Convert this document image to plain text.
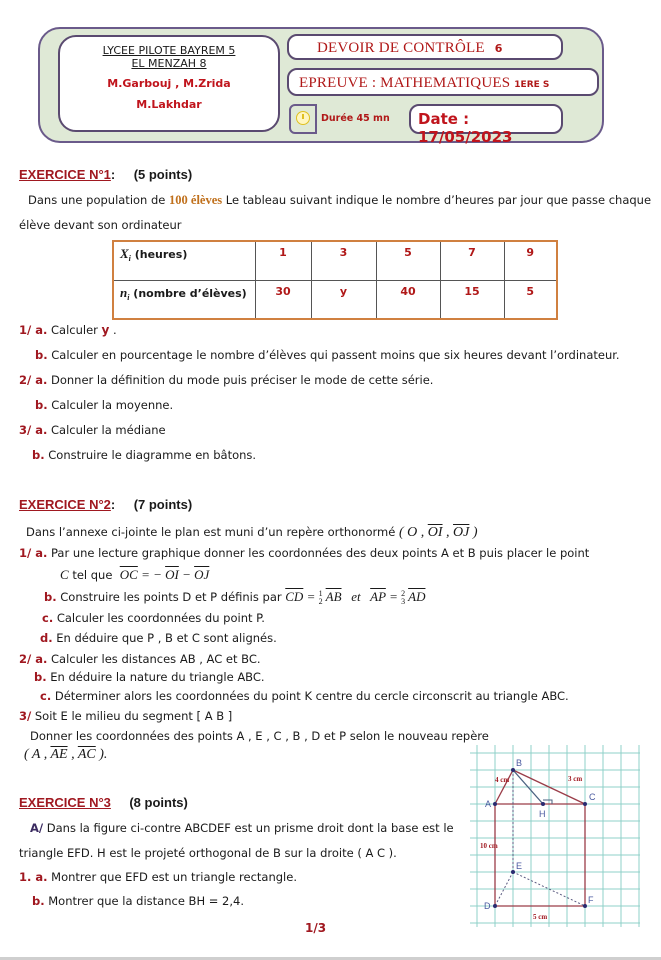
LYCEE PILOTE BAYREM 5
EL MENZAH 8
M.Garbouj , M.Zrida
M.Lakhdar
DEVOIR DE CONTRÔLE 6
EPREUVE : MATHEMATIQUES 1ERE S
Durée 45 mn	Date : 17/05/2023
EXERCICE N°1: (5 points)
Dans une population de 100 élèves Le tableau suivant indique le nombre d’heures par jour que passe chaque
élève devant son ordinateur
$X_i$ (heures)	1	3	5	7	9
$n_i$ (nombre d’élèves)	30	y	40	15	5
1/ a. Calculer y .
b. Calculer en pourcentage le nombre d’élèves qui passent moins que six heures devant l’ordinateur.
2/ a. Donner la définition du mode puis préciser le mode de cette série.
b. Calculer la moyenne.
3/ a. Calculer la médiane
b. Construire le diagramme en bâtons.
EXERCICE N°2: (7 points)
Dans l’annexe ci-jointe le plan est muni d’un repère orthonormé ( O , $\overline{OI}$ , $\overline{OJ}$ )
1/ a. Par une lecture graphique donner les coordonnées des deux points A et B puis placer le point
C tel que  $\overline{OC}$ = − $\overline{OI} - \overline{OJ}$
b. Construire les points D et P définis par $\overline{CD} = 1$
2 $\overline{AB}$   et   $\overline{AP} = 2$
3 $\overline{AD}$
c. Calculer les coordonnées du point P.
d. En déduire que P , B et C sont alignés.
2/ a. Calculer les distances AB , AC et BC.
b. En déduire la nature du triangle ABC.
c. Déterminer alors les coordonnées du point K centre du cercle circonscrit au triangle ABC.
3/ Soit E le milieu du segment [ A B ]
Donner les coordonnées des points A , E , C , B , D et P selon le nouveau repère
( A , $\overline{AE}$ , $\overline{AC}$ ).
EXERCICE N°3 (8 points)
A/ Dans la figure ci-contre ABCDEF est un prisme droit dont la base est le
triangle EFD. H est le projeté orthogonal de B sur la droite ( A C ).
1. a. Montrer que EFD est un triangle rectangle.
b. Montrer que la distance BH = 2,4.
B
A
C
H
E
D
F
4 cm	3 cm
10 cm
5 cm
1/3
